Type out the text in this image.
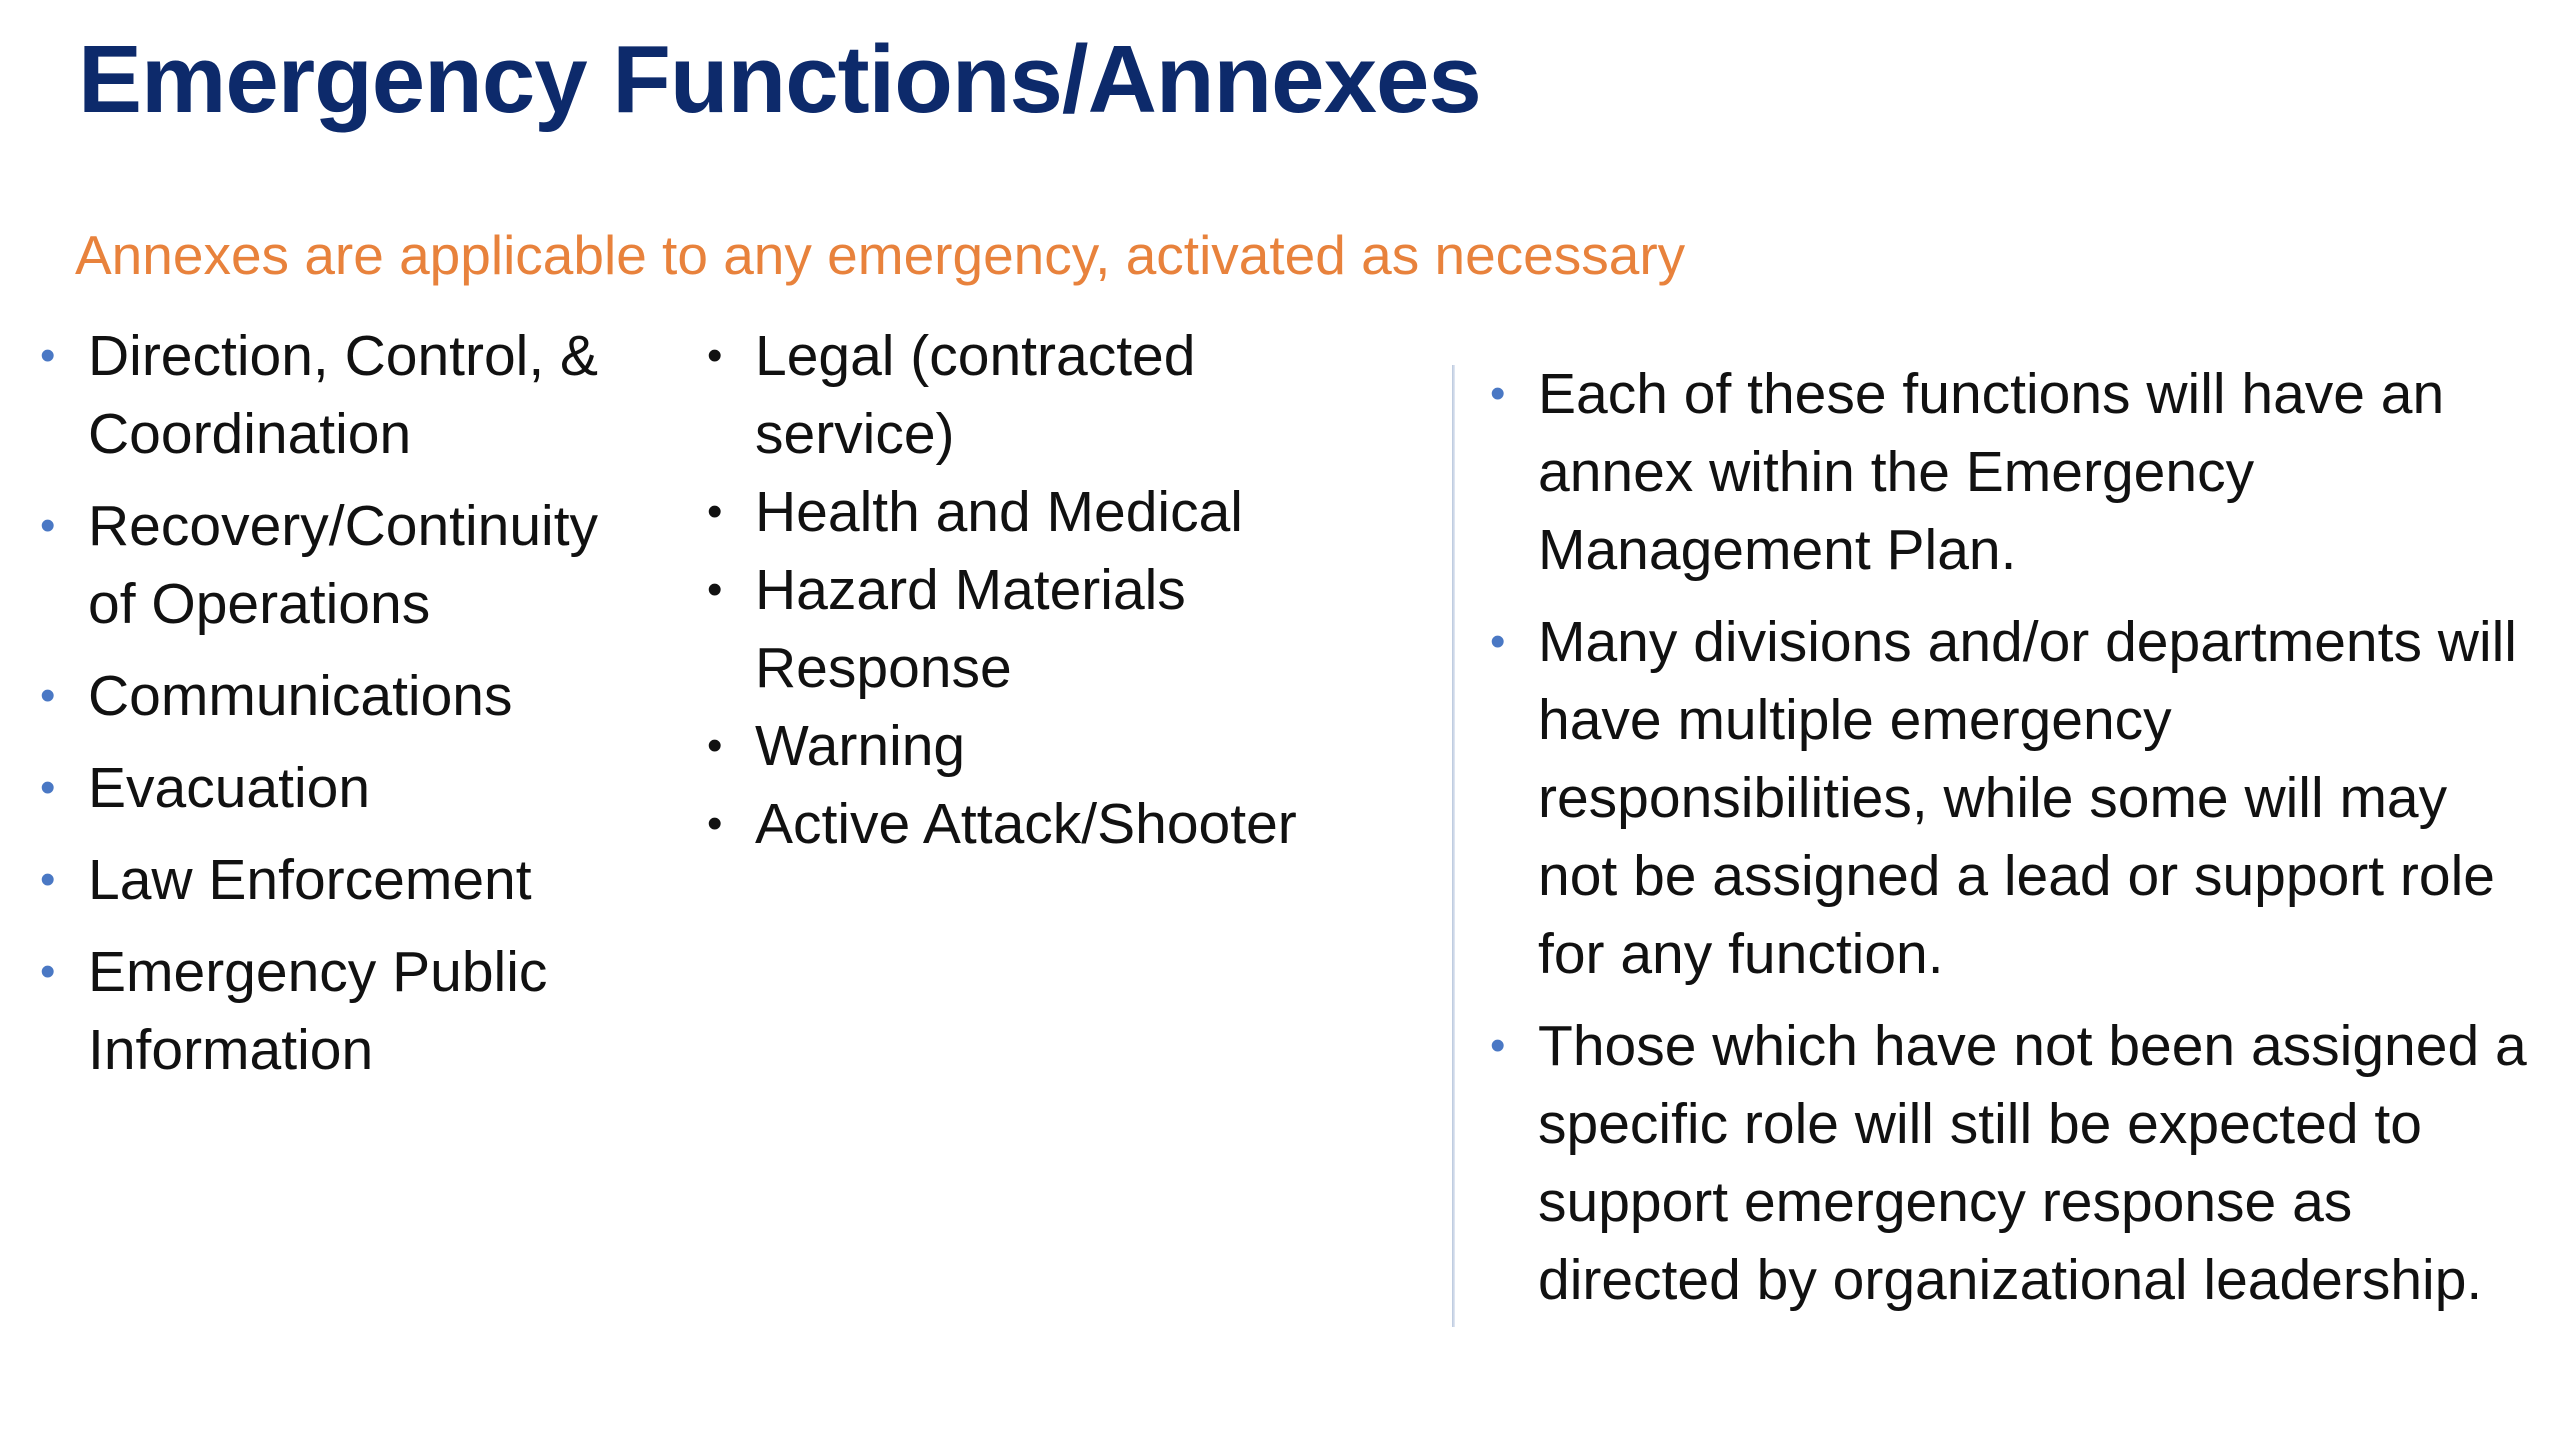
Emergency Functions/Annexes

Annexes are applicable to any emergency, activated as necessary

• Direction, Control, & Coordination
• Recovery/Continuity of Operations
• Communications
• Evacuation
• Law Enforcement
• Emergency Public Information
• Legal (contracted service)
• Health and Medical
• Hazard Materials Response
• Warning
• Active Attack/Shooter
• Each of these functions will have an annex within the Emergency Management Plan.
• Many divisions and/or departments will have multiple emergency responsibilities, while some will may not be assigned a lead or support role for any function.
• Those which have not been assigned a specific role will still be expected to support emergency response as directed by organizational leadership.
